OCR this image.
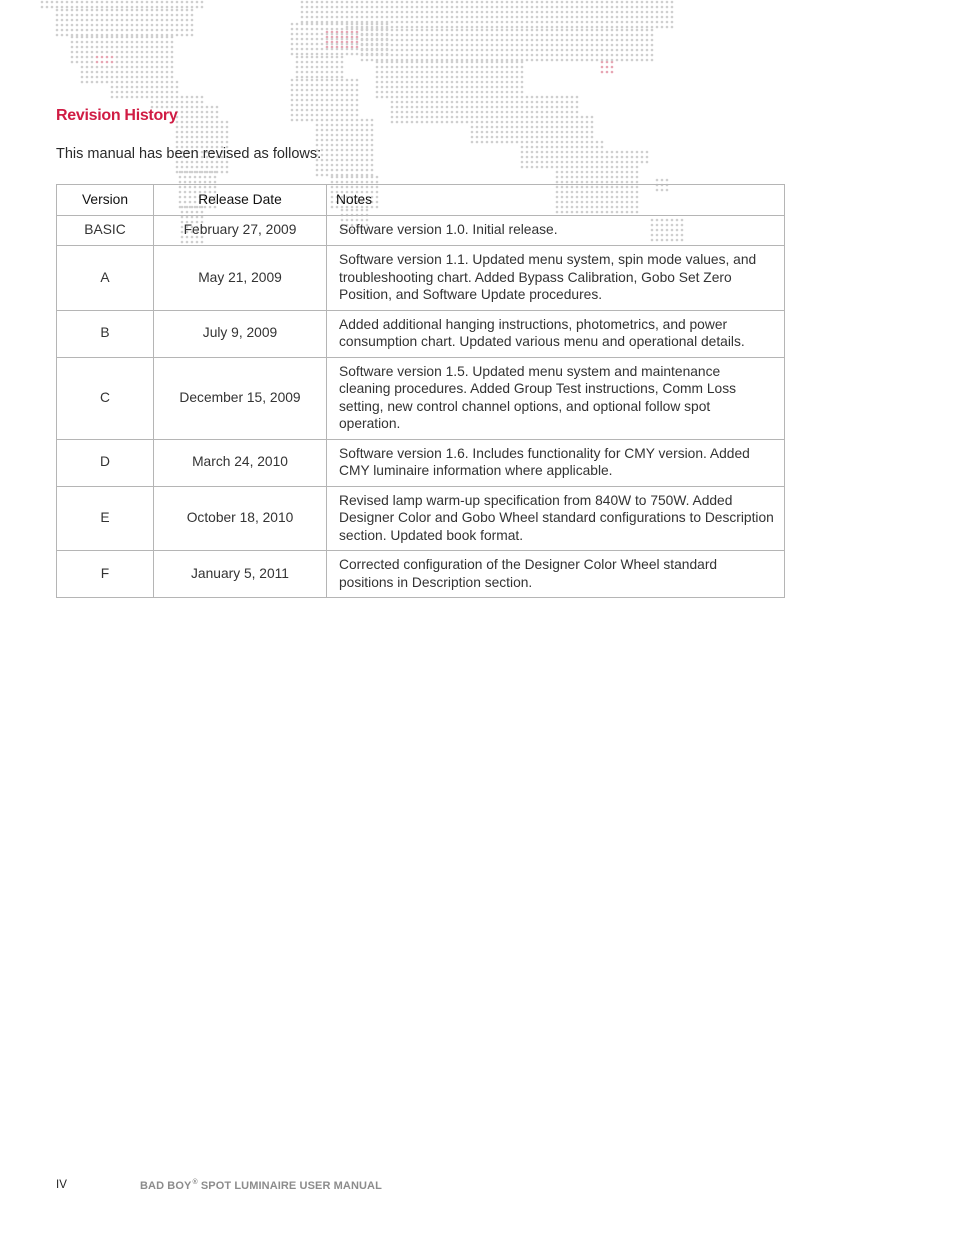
Revision History
This manual has been revised as follows:
Version	Release Date	Notes
BASIC	February 27, 2009	Software version 1.0. Initial release.
A	May 21, 2009	Software version 1.1. Updated menu system, spin mode values, and troubleshooting chart. Added Bypass Calibration, Gobo Set Zero Position, and Software Update procedures.
B	July 9, 2009	Added additional hanging instructions, photometrics, and power consumption chart. Updated various menu and operational details.
C	December 15, 2009	Software version 1.5. Updated menu system and maintenance cleaning procedures. Added Group Test instructions, Comm Loss setting, new control channel options, and optional follow spot operation.
D	March 24, 2010	Software version 1.6. Includes functionality for CMY version. Added CMY luminaire information where applicable.
E	October 18, 2010	Revised lamp warm-up specification from 840W to 750W. Added Designer Color and Gobo Wheel standard configurations to Description section. Updated book format.
F	January 5, 2011	Corrected configuration of the Designer Color Wheel standard positions in Description section.
IV	BAD BOY® SPOT LUMINAIRE USER MANUAL
